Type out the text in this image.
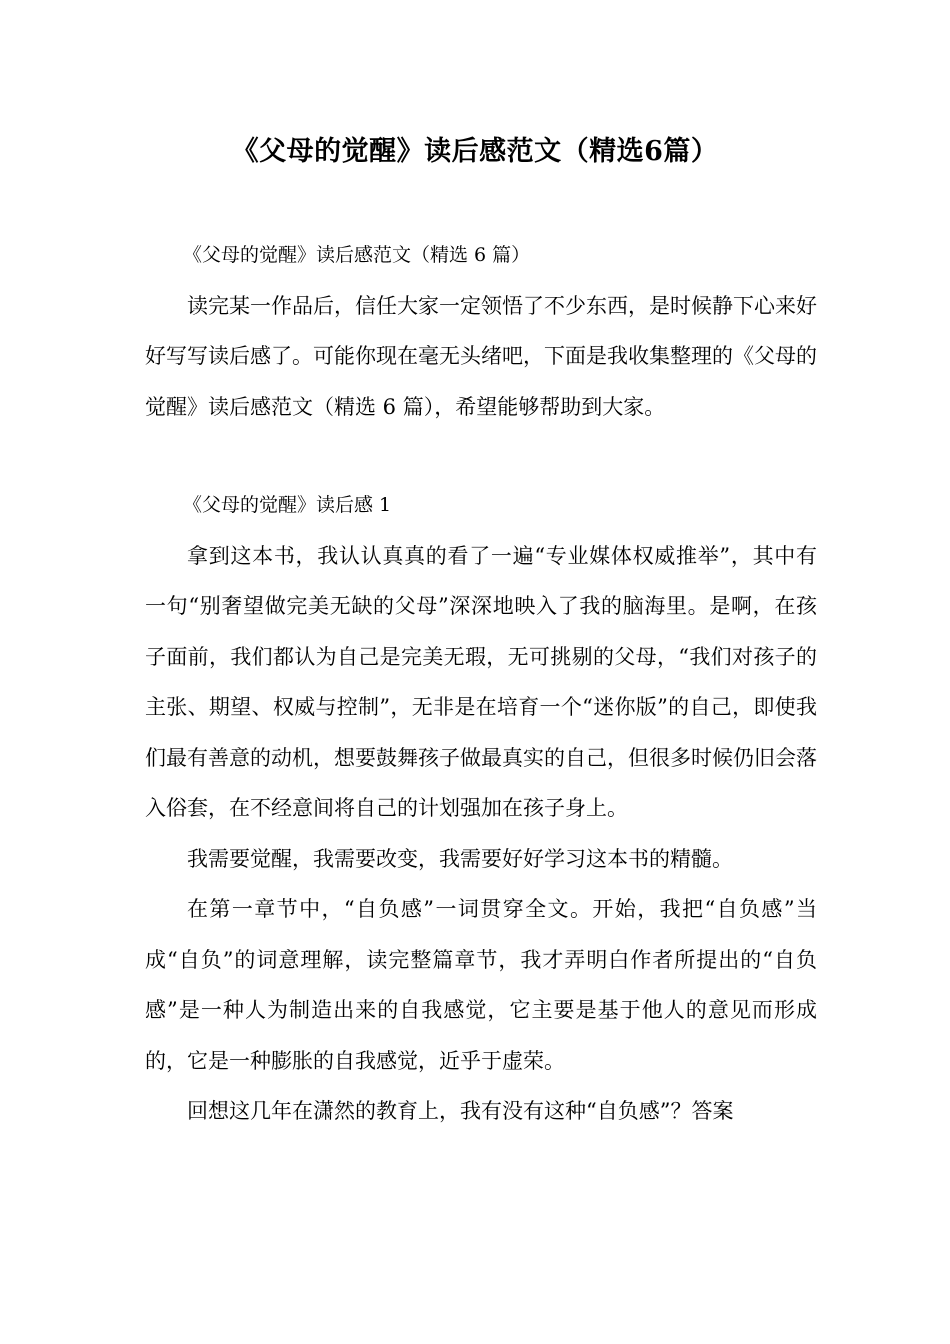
《父母的觉醒》读后感范文（精选6篇）

《父母的觉醒》读后感范文（精选 6 篇）

读完某一作品后，信任大家一定领悟了不少东西，是时候静下心来好好写写读后感了。可能你现在毫无头绪吧，下面是我收集整理的《父母的觉醒》读后感范文（精选 6 篇），希望能够帮助到大家。

《父母的觉醒》读后感 1

拿到这本书，我认认真真的看了一遍“专业媒体权威推举”，其中有一句“别奢望做完美无缺的父母”深深地映入了我的脑海里。是啊，在孩子面前，我们都认为自己是完美无瑕，无可挑剔的父母，“我们对孩子的主张、期望、权威与控制”，无非是在培育一个“迷你版”的自己，即使我们最有善意的动机，想要鼓舞孩子做最真实的自己，但很多时候仍旧会落入俗套，在不经意间将自己的计划强加在孩子身上。

我需要觉醒，我需要改变，我需要好好学习这本书的精髓。

在第一章节中，“自负感”一词贯穿全文。开始，我把“自负感”当成“自负”的词意理解，读完整篇章节，我才弄明白作者所提出的“自负感”是一种人为制造出来的自我感觉，它主要是基于他人的意见而形成的，它是一种膨胀的自我感觉，近乎于虚荣。

回想这几年在潇然的教育上，我有没有这种“自负感”？答案
